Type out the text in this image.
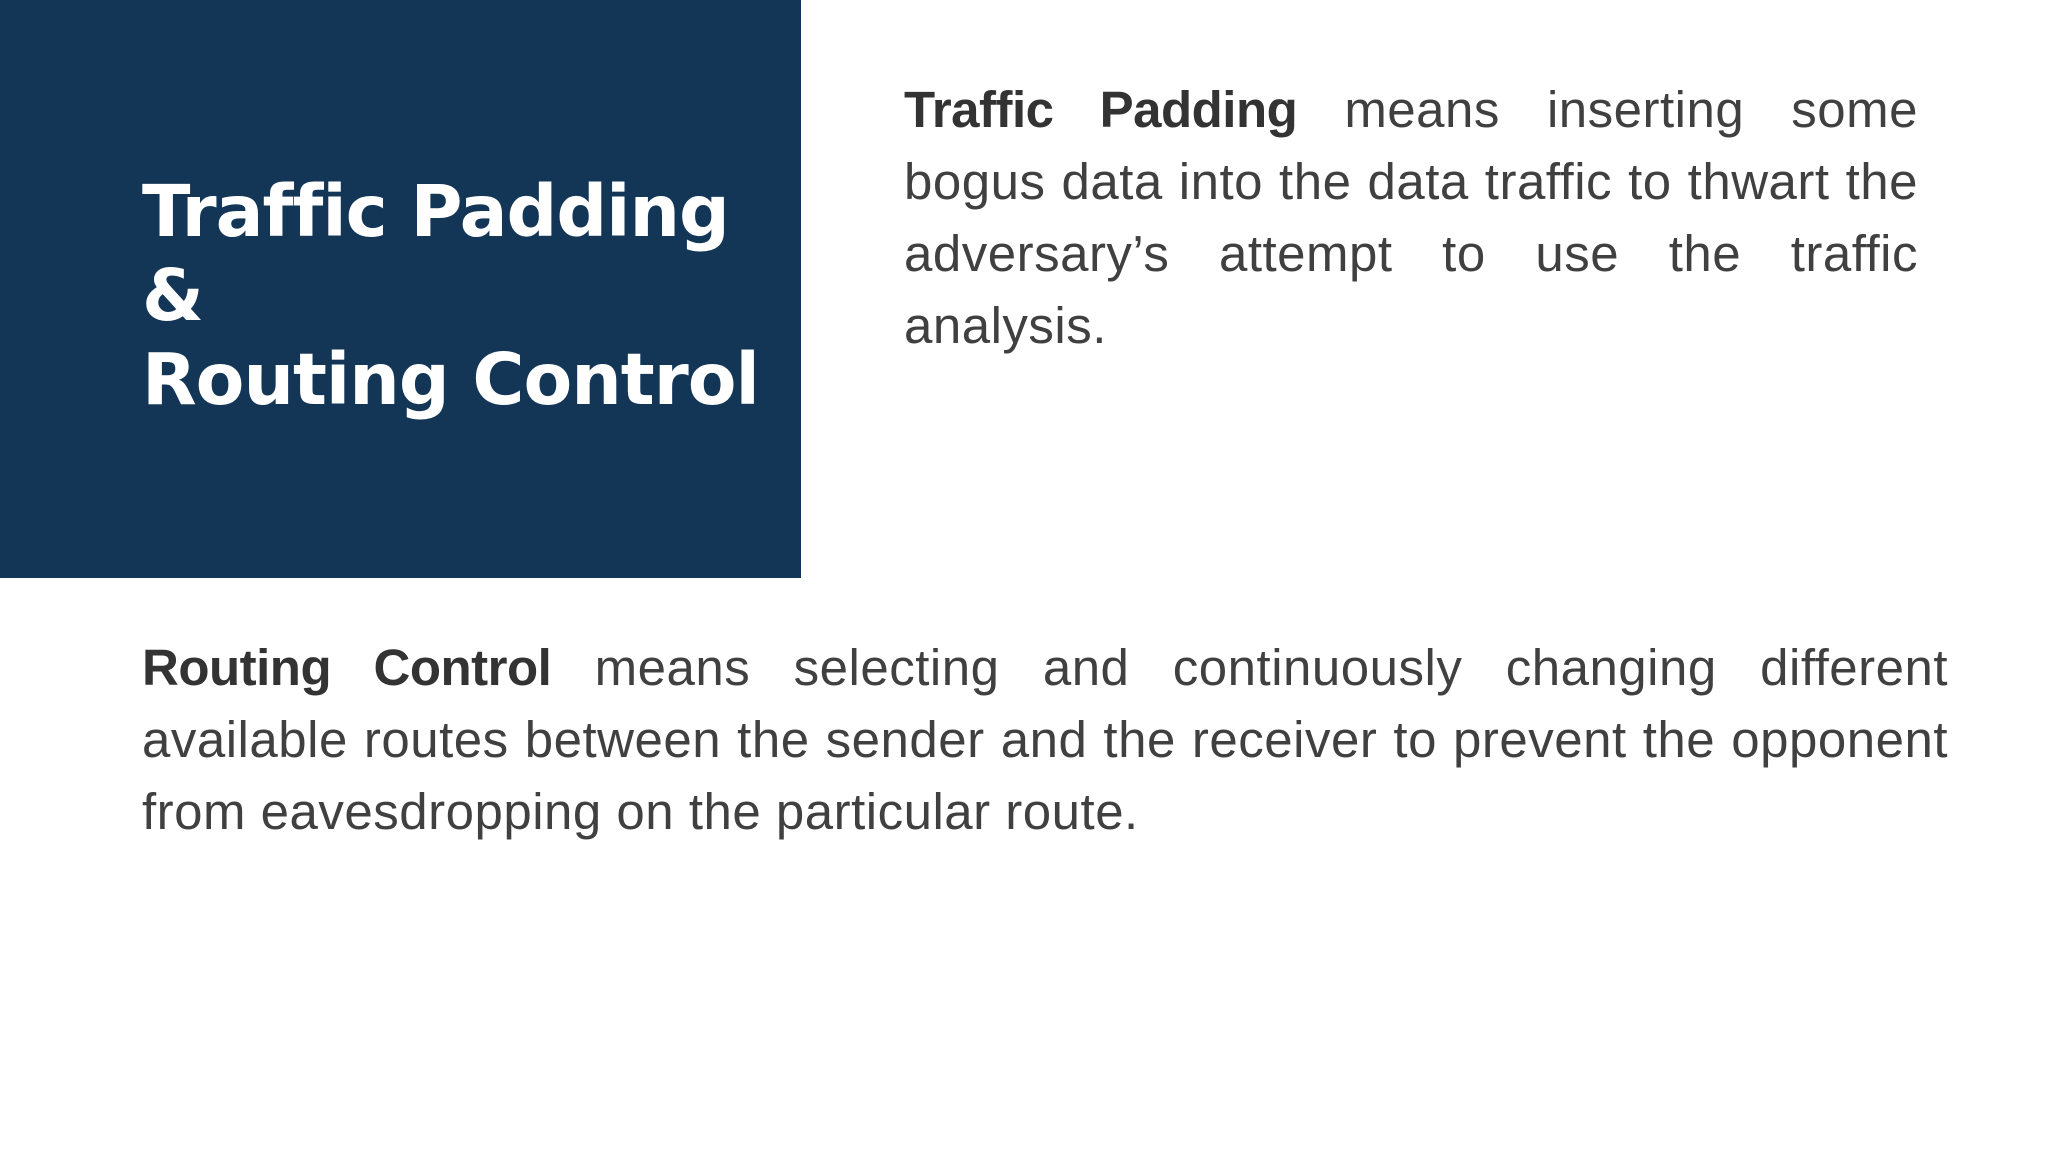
Traffic Padding
&
Routing Control

Traffic Padding means inserting some bogus data into the data traffic to thwart the adversary’s attempt to use the traffic analysis.

Routing Control means selecting and continuously changing different available routes between the sender and the receiver to prevent the opponent from eavesdropping on the particular route.
